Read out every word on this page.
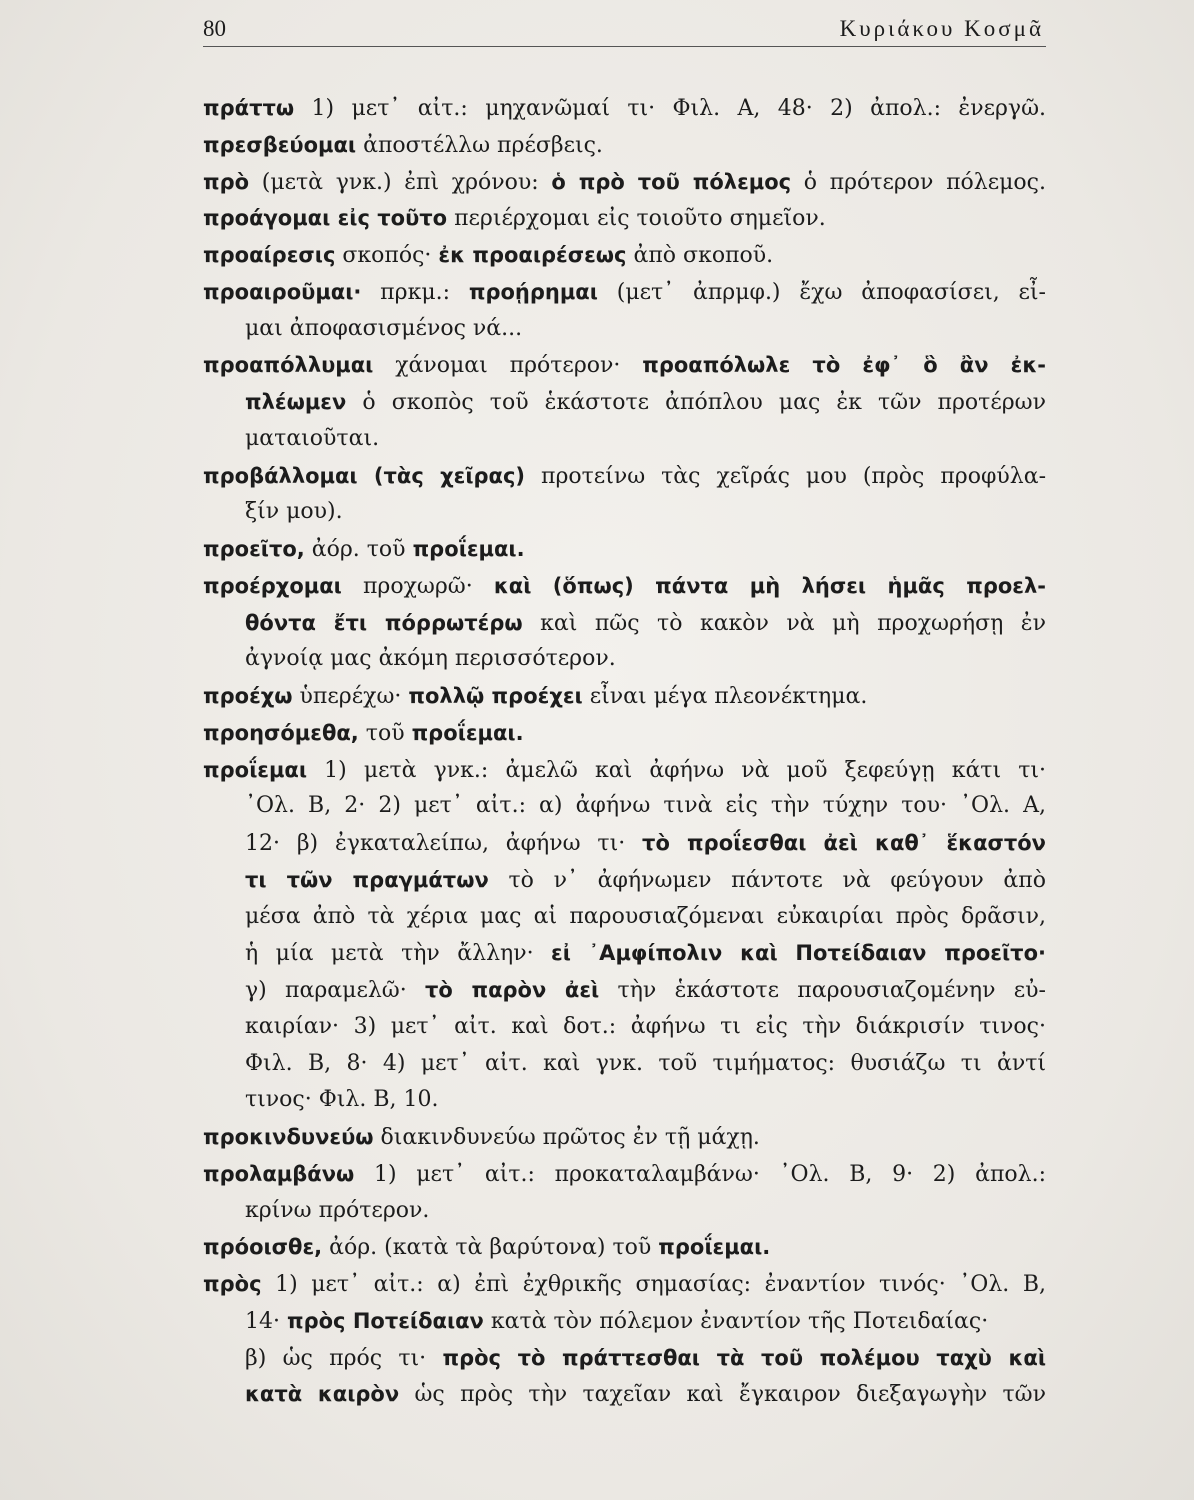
80	Κυριάκου Κοσμᾶ
πράττω 1) μετ᾿ αἰτ.: μηχανῶμαί τι· Φιλ. Α, 48· 2) ἀπολ.: ἐνεργῶ.
πρεσβεύομαι ἀποστέλλω πρέσβεις.
πρὸ (μετὰ γνκ.) ἐπὶ χρόνου: ὁ πρὸ τοῦ πόλεμος ὁ πρότερον πόλεμος.
προάγομαι εἰς τοῦτο περιέρχομαι εἰς τοιοῦτο σημεῖον.
προαίρεσις σκοπός· ἐκ προαιρέσεως ἀπὸ σκοποῦ.
προαιροῦμαι· πρκμ.: προῄρημαι (μετ᾿ ἀπρμφ.) ἔχω ἀποφασίσει, εἶ-
μαι ἀποφασισμένος νά...
προαπόλλυμαι χάνομαι πρότερον· προαπόλωλε τὸ ἐφ᾿ ὃ ἂν ἐκ-
πλέωμεν ὁ σκοπὸς τοῦ ἑκάστοτε ἀπόπλου μας ἐκ τῶν προτέρων
ματαιοῦται.
προβάλλομαι (τὰς χεῖρας) προτείνω τὰς χεῖράς μου (πρὸς προφύλα-
ξίν μου).
προεῖτο, ἀόρ. τοῦ προΐεμαι.
προέρχομαι προχωρῶ· καὶ (ὅπως) πάντα μὴ λήσει ἡμᾶς προελ-
θόντα ἔτι πόρρωτέρω καὶ πῶς τὸ κακὸν νὰ μὴ προχωρήσῃ ἐν
ἀγνοίᾳ μας ἀκόμη περισσότερον.
προέχω ὑπερέχω· πολλῷ προέχει εἶναι μέγα πλεονέκτημα.
προησόμεθα, τοῦ προΐεμαι.
προΐεμαι 1) μετὰ γνκ.: ἀμελῶ καὶ ἀφήνω νὰ μοῦ ξεφεύγῃ κάτι τι·
᾿Ολ. Β, 2· 2) μετ᾿ αἰτ.: α) ἀφήνω τινὰ εἰς τὴν τύχην του· ᾿Ολ. Α,
12· β) ἐγκαταλείπω, ἀφήνω τι· τὸ προΐεσθαι ἀεὶ καθ᾿ ἕκαστόν
τι τῶν πραγμάτων τὸ ν᾿ ἀφήνωμεν πάντοτε νὰ φεύγουν ἀπὸ
μέσα ἀπὸ τὰ χέρια μας αἱ παρουσιαζόμεναι εὐκαιρίαι πρὸς δρᾶσιν,
ἡ μία μετὰ τὴν ἄλλην· εἰ ᾿Αμφίπολιν καὶ Ποτείδαιαν προεῖτο·
γ) παραμελῶ· τὸ παρὸν ἀεὶ τὴν ἑκάστοτε παρουσιαζομένην εὐ-
καιρίαν· 3) μετ᾿ αἰτ. καὶ δοτ.: ἀφήνω τι εἰς τὴν διάκρισίν τινος·
Φιλ. Β, 8· 4) μετ᾿ αἰτ. καὶ γνκ. τοῦ τιμήματος: θυσιάζω τι ἀντί
τινος· Φιλ. Β, 10.
προκινδυνεύω διακινδυνεύω πρῶτος ἐν τῇ μάχῃ.
προλαμβάνω 1) μετ᾿ αἰτ.: προκαταλαμβάνω· ᾿Ολ. Β, 9· 2) ἀπολ.:
κρίνω πρότερον.
πρόοισθε, ἀόρ. (κατὰ τὰ βαρύτονα) τοῦ προΐεμαι.
πρὸς 1) μετ᾿ αἰτ.: α) ἐπὶ ἐχθρικῆς σημασίας: ἐναντίον τινός· ᾿Ολ. Β,
14· πρὸς Ποτείδαιαν κατὰ τὸν πόλεμον ἐναντίον τῆς Ποτειδαίας·
β) ὡς πρός τι· πρὸς τὸ πράττεσθαι τὰ τοῦ πολέμου ταχὺ καὶ
κατὰ καιρὸν ὡς πρὸς τὴν ταχεῖαν καὶ ἔγκαιρον διεξαγωγὴν τῶν
